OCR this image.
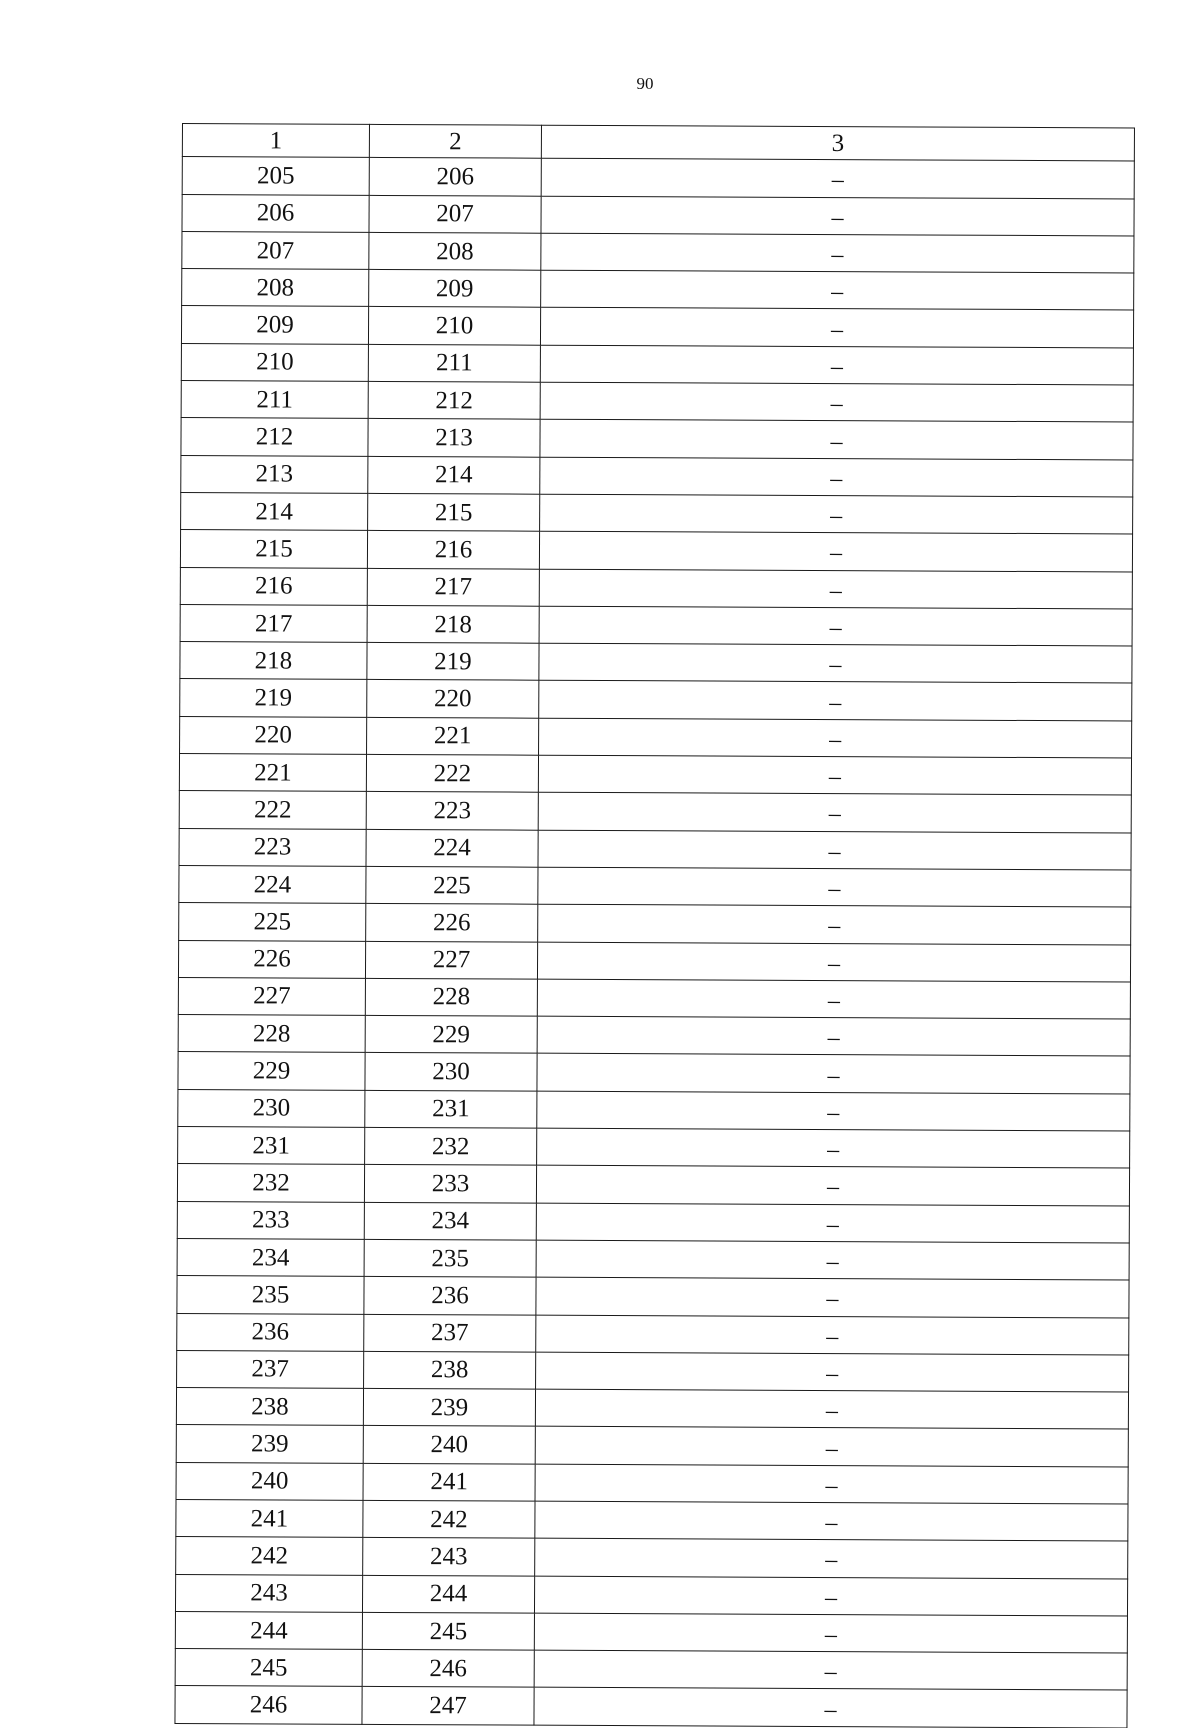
90
1	2	3
205	206	–
206	207	–
207	208	–
208	209	–
209	210	–
210	211	–
211	212	–
212	213	–
213	214	–
214	215	–
215	216	–
216	217	–
217	218	–
218	219	–
219	220	–
220	221	–
221	222	–
222	223	–
223	224	–
224	225	–
225	226	–
226	227	–
227	228	–
228	229	–
229	230	–
230	231	–
231	232	–
232	233	–
233	234	–
234	235	–
235	236	–
236	237	–
237	238	–
238	239	–
239	240	–
240	241	–
241	242	–
242	243	–
243	244	–
244	245	–
245	246	–
246	247	–
